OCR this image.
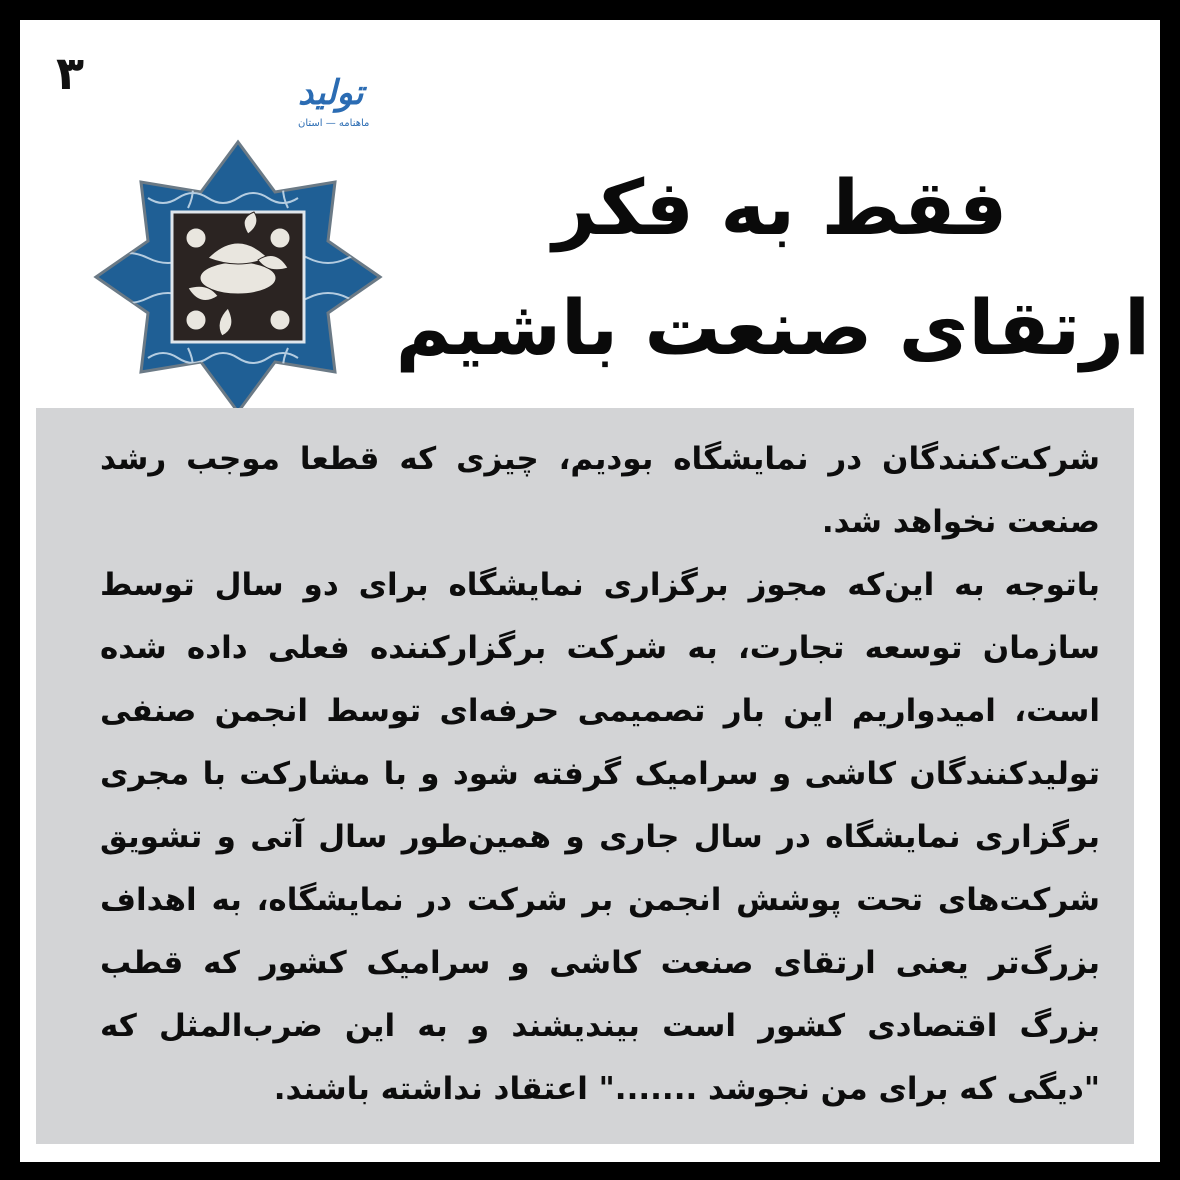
۳	تولید
ماهنامه — استان
فقط به فکر
ارتقای صنعت باشیم

شرکت‌کنندگان در نمایشگاه بودیم، چیزی که قطعا موجب رشد صنعت نخواهد شد.

باتوجه به این‌که مجوز برگزاری نمایشگاه برای دو سال توسط سازمان توسعه تجارت، به شرکت برگزارکننده فعلی داده شده است، امیدواریم این بار تصمیمی حرفه‌ای توسط انجمن صنفی تولیدکنندگان کاشی و سرامیک گرفته شود و با مشارکت با مجری برگزاری نمایشگاه در سال جاری و همین‌طور سال آتی و تشویق شرکت‌های تحت پوشش انجمن بر شرکت در نمایشگاه، به اهداف بزرگ‌تر یعنی ارتقای صنعت کاشی و سرامیک کشور که قطب بزرگ اقتصادی کشور است بیندیشند و به این ضرب‌المثل که "دیگی که برای من نجوشد ......." اعتقاد نداشته باشند.
